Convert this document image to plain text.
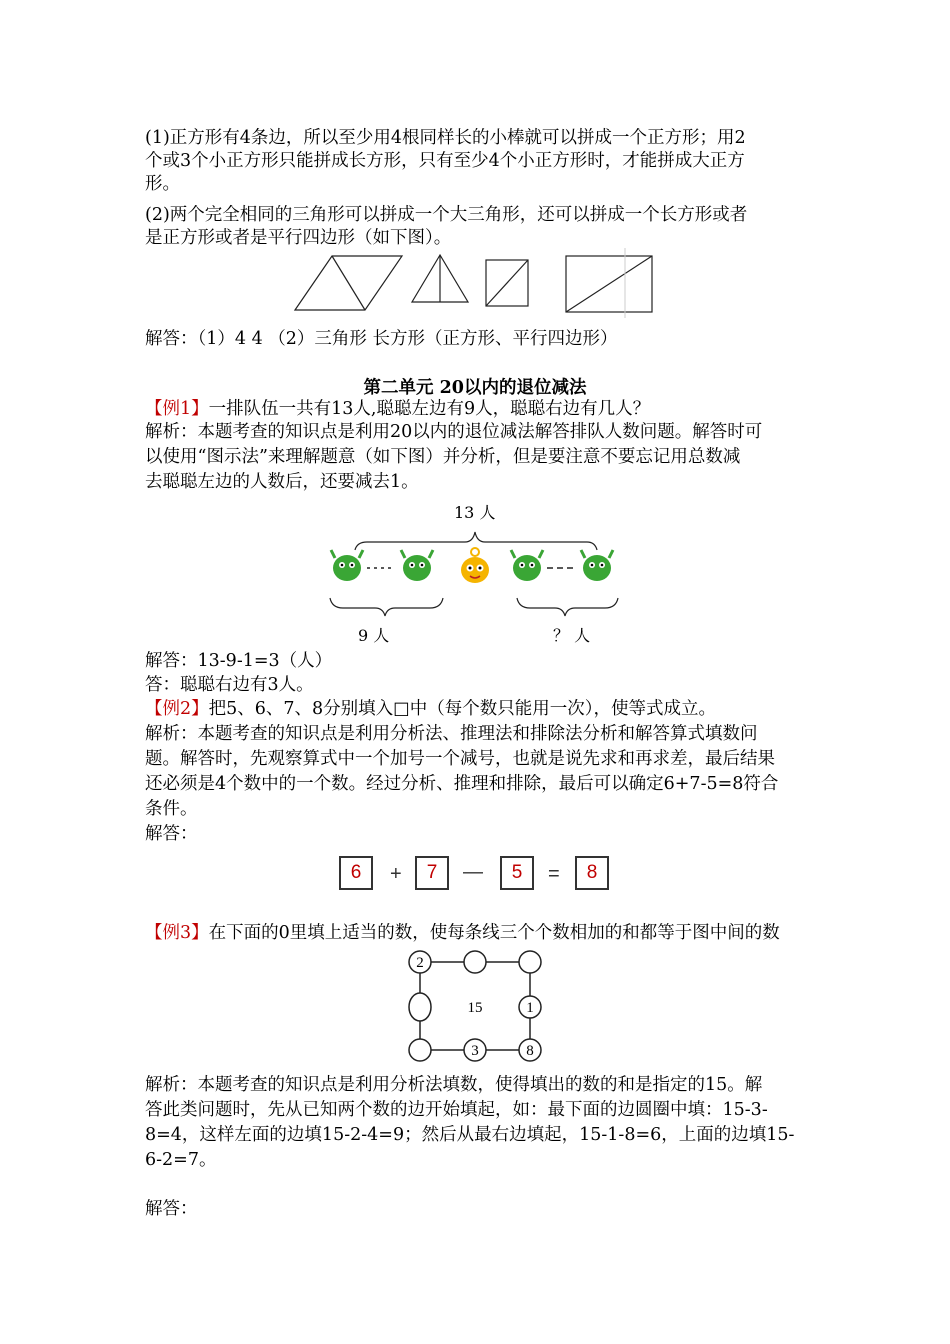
(1)正方形有4条边，所以至少用4根同样长的小棒就可以拼成一个正方形；用2
个或3个小正方形只能拼成长方形，只有至少4个小正方形时，才能拼成大正方
形。
(2)两个完全相同的三角形可以拼成一个大三角形，还可以拼成一个长方形或者
是正方形或者是平行四边形（如下图）。
解答：（1）4 4 （2）三角形 长方形（正方形、平行四边形）
第二单元 20以内的退位减法
【例1】一排队伍一共有13人,聪聪左边有9人，聪聪右边有几人？
解析：本题考查的知识点是利用20以内的退位减法解答排队人数问题。解答时可
以使用“图示法”来理解题意（如下图）并分析，但是要注意不要忘记用总数减
去聪聪左边的人数后，还要减去1。
13 人
9 人	？ 人
解答：13-9-1=3（人）
答：聪聪右边有3人。
【例2】把5、6、7、8分别填入□中（每个数只能用一次），使等式成立。
解析：本题考查的知识点是利用分析法、推理法和排除法分析和解答算式填数问
题。解答时，先观察算式中一个加号一个减号，也就是说先求和再求差，最后结果
还必须是4个数中的一个数。经过分析、推理和排除，最后可以确定6+7-5=8符合
条件。
解答：
6	+	7	—	5	=	8
【例3】在下面的0里填上适当的数，使每条线三个个数相加的和都等于图中间的数
2
15	1
3	8
解析：本题考查的知识点是利用分析法填数，使得填出的数的和是指定的15。解
答此类问题时，先从已知两个数的边开始填起，如：最下面的边圆圈中填：15-3-
8=4，这样左面的边填15-2-4=9；然后从最右边填起，15-1-8=6，上面的边填15-
6-2=7。
解答：
